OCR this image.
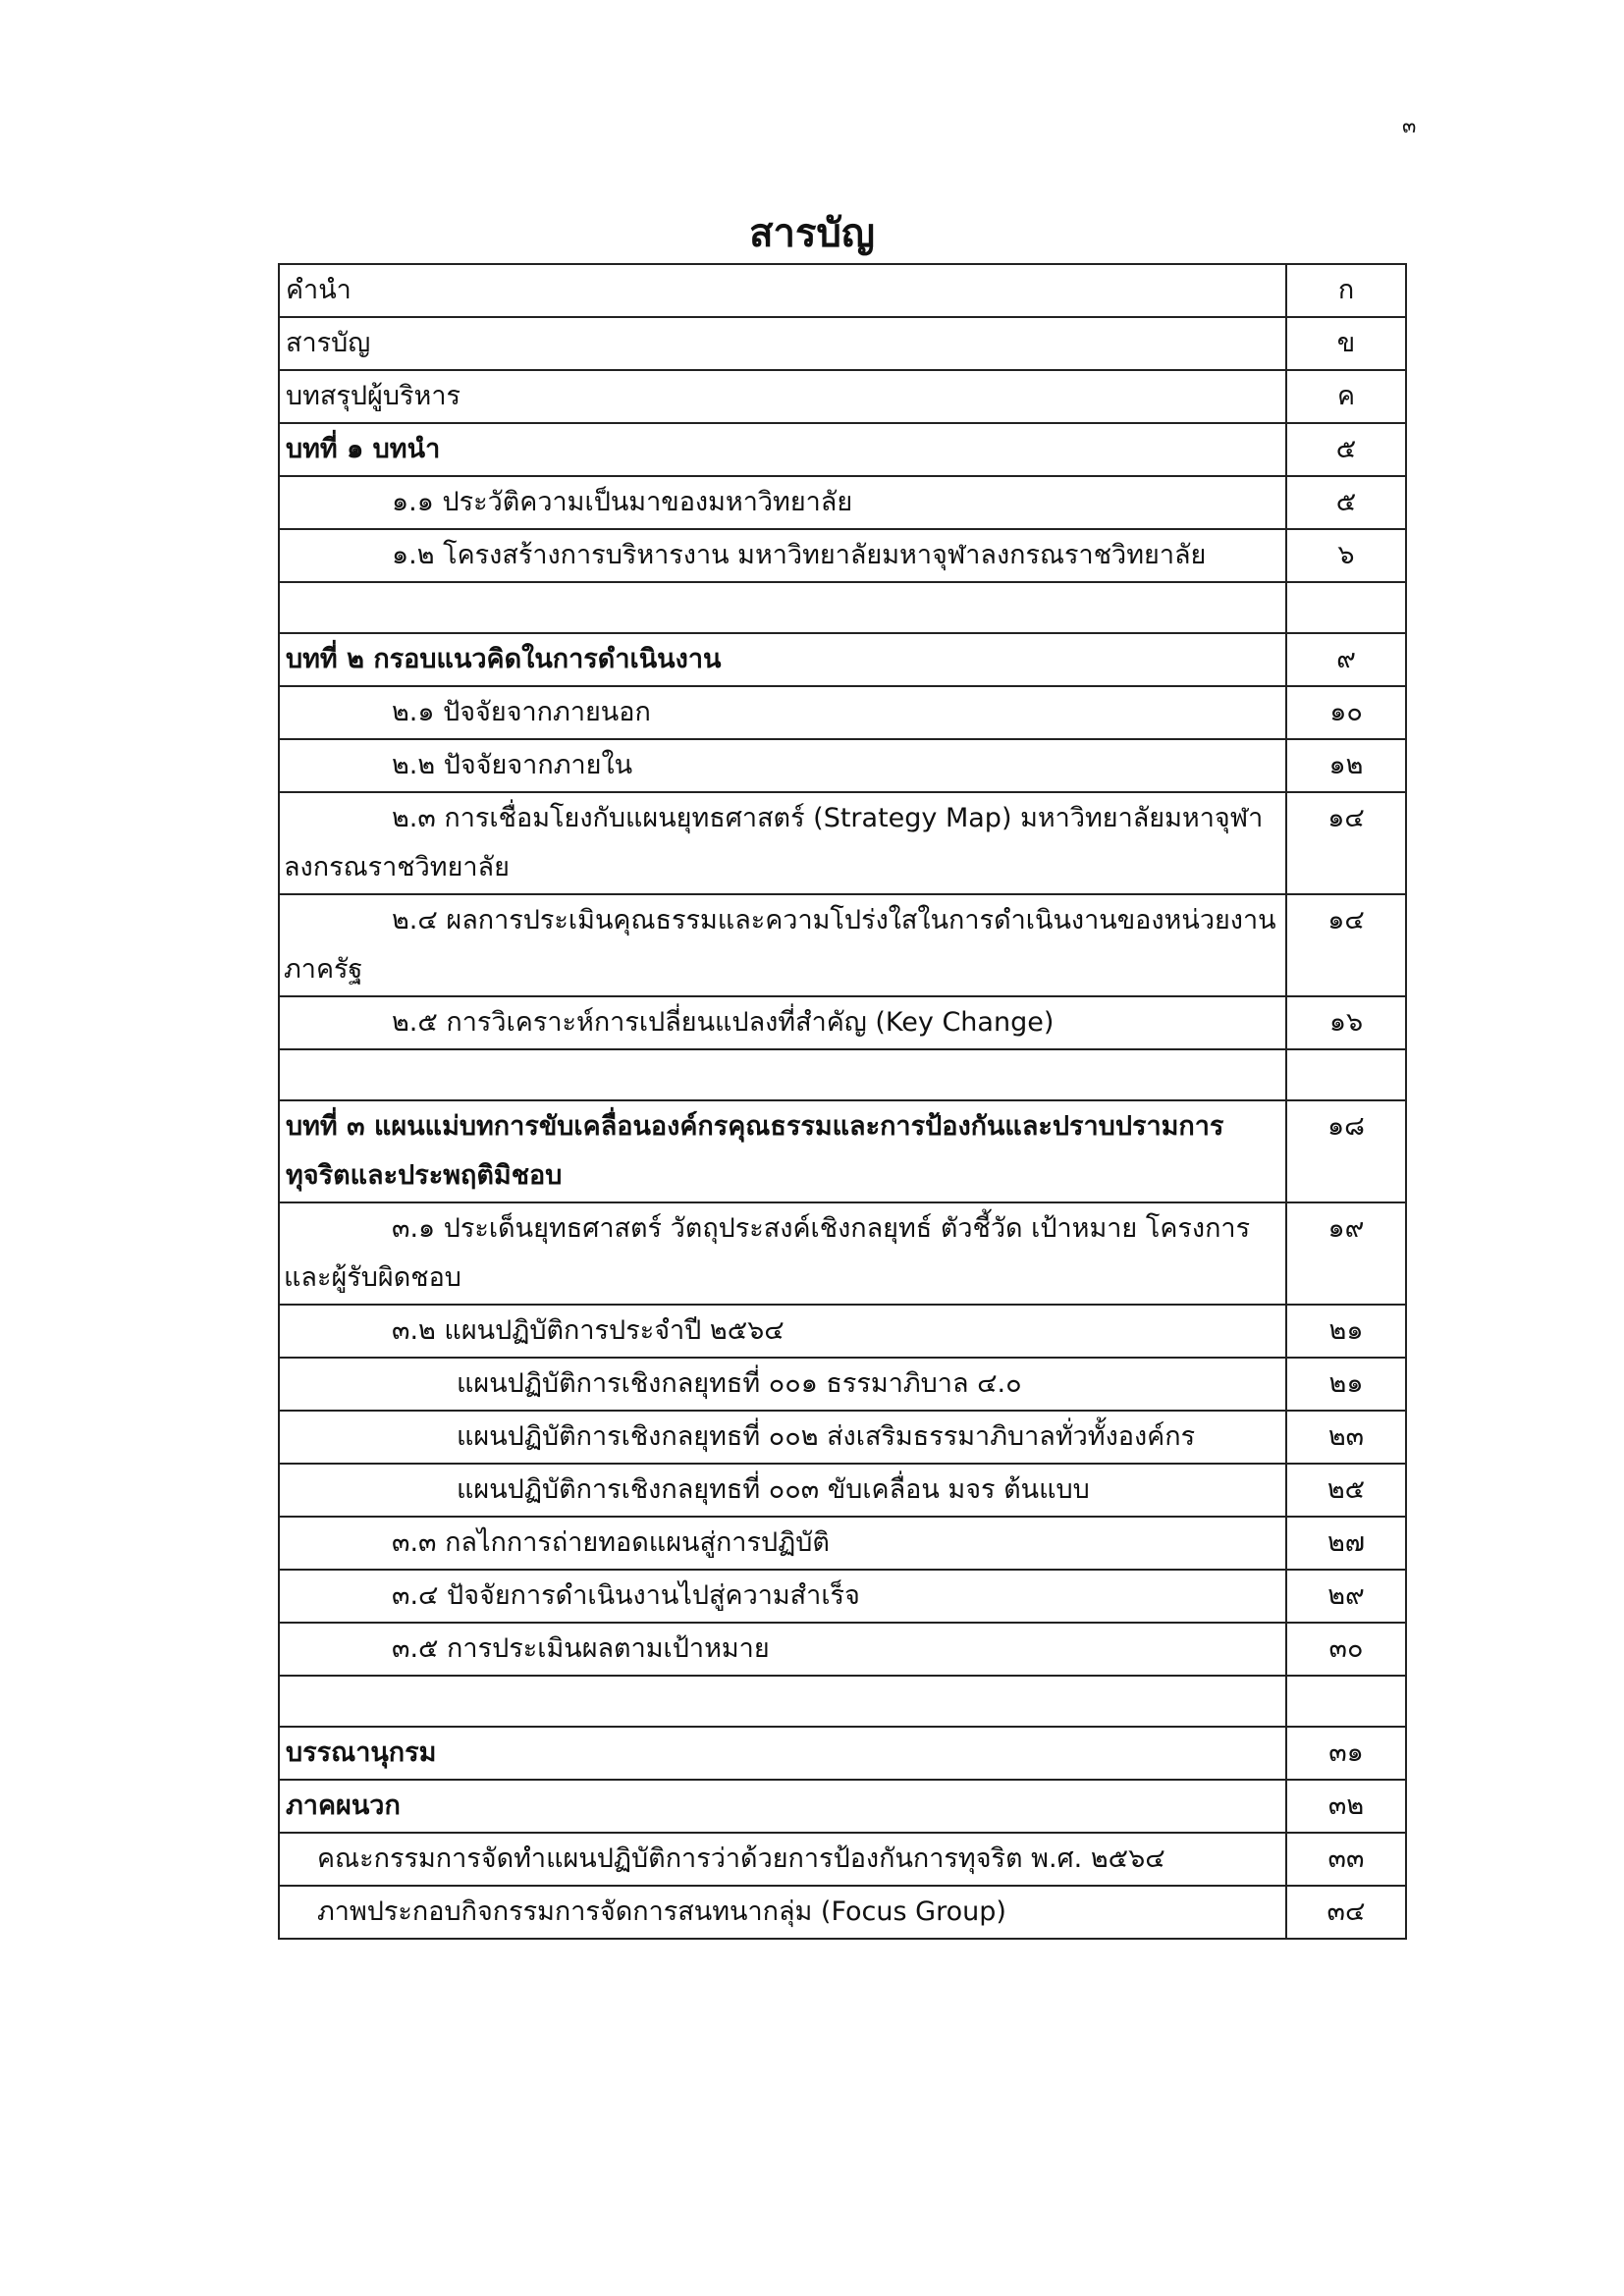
๓
สารบัญ
คำนำ	ก
สารบัญ	ข
บทสรุปผู้บริหาร	ค
บทที่ ๑ บทนำ	๕
๑.๑ ประวัติความเป็นมาของมหาวิทยาลัย	๕
๑.๒ โครงสร้างการบริหารงาน มหาวิทยาลัยมหาจุฬาลงกรณราชวิทยาลัย	๖

บทที่ ๒ กรอบแนวคิดในการดำเนินงาน	๙
๒.๑ ปัจจัยจากภายนอก	๑๐
๒.๒ ปัจจัยจากภายใน	๑๒
๒.๓ การเชื่อมโยงกับแผนยุทธศาสตร์ (Strategy Map) มหาวิทยาลัยมหาจุฬาลงกรณราชวิทยาลัย	๑๔
๒.๔ ผลการประเมินคุณธรรมและความโปร่งใสในการดำเนินงานของหน่วยงานภาครัฐ	๑๔
๒.๕ การวิเคราะห์การเปลี่ยนแปลงที่สำคัญ (Key Change)	๑๖

บทที่ ๓ แผนแม่บทการขับเคลื่อนองค์กรคุณธรรมและการป้องกันและปราบปรามการทุจริตและประพฤติมิชอบ	๑๘
๓.๑ ประเด็นยุทธศาสตร์ วัตถุประสงค์เชิงกลยุทธ์ ตัวชี้วัด เป้าหมาย โครงการและผู้รับผิดชอบ	๑๙
๓.๒ แผนปฏิบัติการประจำปี ๒๕๖๔	๒๑
แผนปฏิบัติการเชิงกลยุทธที่ ๐๐๑ ธรรมาภิบาล ๔.๐	๒๑
แผนปฏิบัติการเชิงกลยุทธที่ ๐๐๒ ส่งเสริมธรรมาภิบาลทั่วทั้งองค์กร	๒๓
แผนปฏิบัติการเชิงกลยุทธที่ ๐๐๓ ขับเคลื่อน มจร ต้นแบบ	๒๕
๓.๓ กลไกการถ่ายทอดแผนสู่การปฏิบัติ	๒๗
๓.๔ ปัจจัยการดำเนินงานไปสู่ความสำเร็จ	๒๙
๓.๕ การประเมินผลตามเป้าหมาย	๓๐

บรรณานุกรม	๓๑
ภาคผนวก	๓๒
คณะกรรมการจัดทำแผนปฏิบัติการว่าด้วยการป้องกันการทุจริต พ.ศ. ๒๕๖๔	๓๓
ภาพประกอบกิจกรรมการจัดการสนทนากลุ่ม (Focus Group)	๓๔
